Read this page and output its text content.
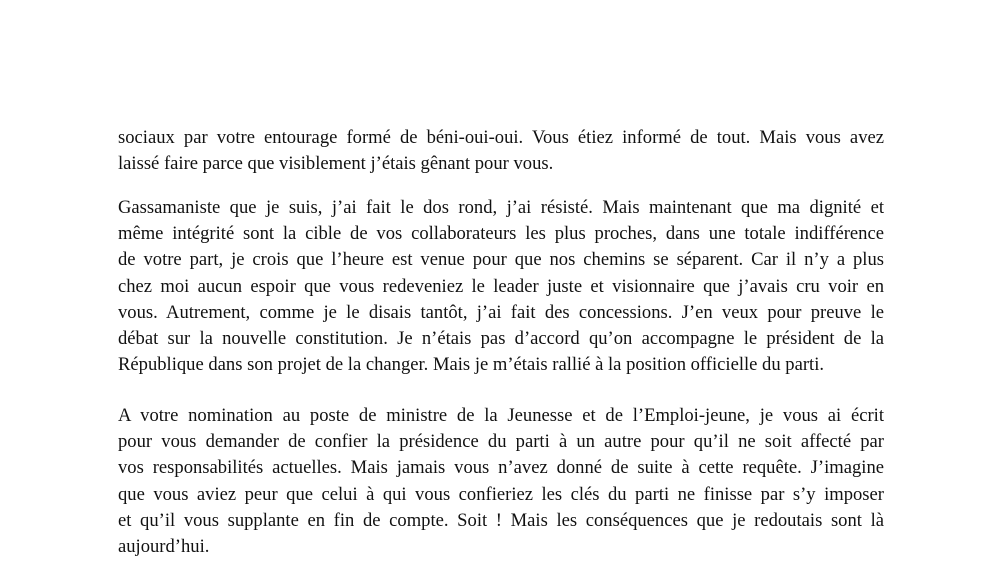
sociaux par votre entourage formé de béni-oui-oui. Vous étiez informé de tout. Mais vous avez
laissé faire parce que visiblement j’étais gênant pour vous.

Gassamaniste que je suis, j’ai fait le dos rond, j’ai résisté. Mais maintenant que ma dignité et
même intégrité sont la cible de vos collaborateurs les plus proches, dans une totale indifférence
de votre part, je crois que l’heure est venue pour que nos chemins se séparent. Car il n’y a plus
chez moi aucun espoir que vous redeveniez le leader juste et visionnaire que j’avais cru voir en
vous. Autrement, comme je le disais tantôt, j’ai fait des concessions. J’en veux pour preuve le
débat sur la nouvelle constitution. Je n’étais pas d’accord qu’on accompagne le président de la
République dans son projet de la changer. Mais je m’étais rallié à la position officielle du parti.

A votre nomination au poste de ministre de la Jeunesse et de l’Emploi-jeune, je vous ai écrit
pour vous demander de confier la présidence du parti à un autre pour qu’il ne soit affecté par
vos responsabilités actuelles. Mais jamais vous n’avez donné de suite à cette requête. J’imagine
que vous aviez peur que celui à qui vous confieriez les clés du parti ne finisse par s’y imposer
et qu’il vous supplante en fin de compte. Soit ! Mais les conséquences que je redoutais sont là
aujourd’hui.
